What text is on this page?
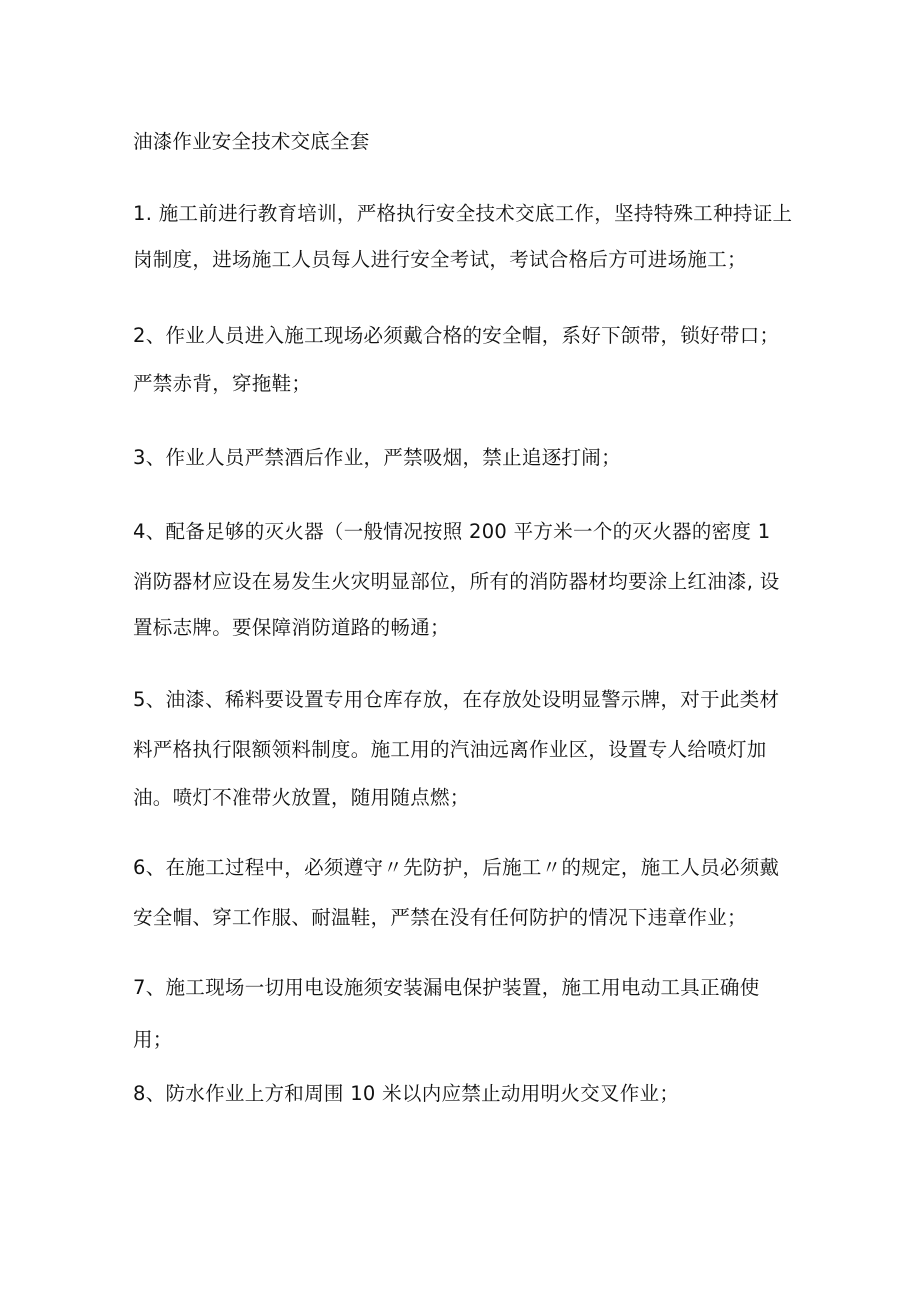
油漆作业安全技术交底全套
1. 施工前进行教育培训，严格执行安全技术交底工作，坚持特殊工种持证上
岗制度，进场施工人员每人进行安全考试，考试合格后方可进场施工；
2、作业人员进入施工现场必须戴合格的安全帽，系好下颌带，锁好带口；
严禁赤背，穿拖鞋；
3、作业人员严禁酒后作业，严禁吸烟，禁止追逐打闹；
4、配备足够的灭火器（一般情况按照 200 平方米一个的灭火器的密度 1
消防器材应设在易发生火灾明显部位，所有的消防器材均要涂上红油漆, 设
置标志牌。要保障消防道路的畅通；
5、油漆、稀料要设置专用仓库存放，在存放处设明显警示牌，对于此类材
料严格执行限额领料制度。施工用的汽油远离作业区，设置专人给喷灯加
油。喷灯不准带火放置，随用随点燃；
6、在施工过程中，必须遵守〃先防护，后施工〃的规定，施工人员必须戴
安全帽、穿工作服、耐温鞋，严禁在没有任何防护的情况下违章作业；
7、施工现场一切用电设施须安装漏电保护装置，施工用电动工具正确使
用；
8、防水作业上方和周围 10 米以内应禁止动用明火交叉作业；
